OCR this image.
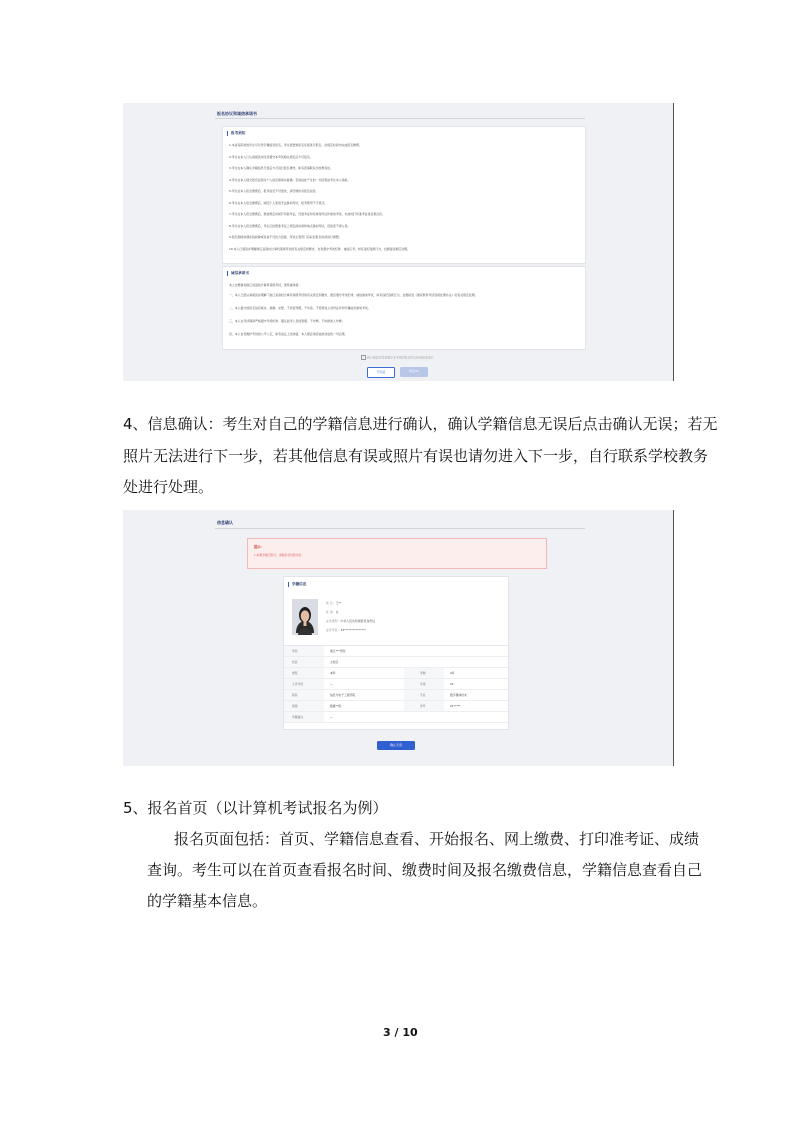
报名协议和诚信承诺书
报考须知
1.本省各院校的学生可以凭学籍信息报名，考生须登录报名系统进行报名，在规定时间内完成报名缴费。
2.考生在本人已认真阅读并同意遵守本考试相关规定后方可报名。
3.考生在本人确认学籍信息无误后方可进行报名操作，如有误请联系学校教务处。
4.考生在本人提交报名信息时个人信息须真实准确，否则由此产生的一切后果由考生本人承担。
5.考生在本人报名缴费后，报考信息不可更改，请仔细核对报名信息。
6.考生在本人报名缴费后，如因个人原因无法参加考试，报考费用不予退还。
7.考生在本人报名缴费后，须按规定时间打印准考证，凭准考证和有效身份证件参加考试，未按时打印准考证者后果自负。
8.考生在本人报名缴费后，考生应按照准考证上规定的时间和地点参加考试，迟到者不得入场。
9.报名期间如遇系统故障或其他不可抗力因素，考试主管部门有权对报名时间进行调整。
10.本人已阅读并理解浙江省高校计算机等级考试的有关规定和要求，自觉遵守考试纪律，诚信应考，如有违纪违规行为，自愿接受相应处理。
诚信承诺书
本人自愿参加浙江省高校计算机等级考试，现郑重承诺：
一、本人已经认真阅读并理解了浙江省高校计算机等级考试的有关规定和要求，愿意遵守考试纪律，诚信参加考试，如有违纪违规行为，自愿接受《国家教育考试违规处理办法》的有关规定处理。
二、本人提交的报名信息真实、准确、完整，不弄虚作假，不伪造、不使用他人身份证件和学籍信息参加考试。
三、本人在考试期间严格遵守考场纪律，服从监考人员的管理，不作弊，不协助他人作弊。
四、本人自觉维护考试的公平公正，如有违反上述承诺，本人愿意承担由此造成的一切后果。
我已阅读并同意遵守本考试的报名协议和诚信承诺书
不同意	同意(5)
4、信息确认：考生对自己的学籍信息进行确认，确认学籍信息无误后点击确认无误；若无
照片无法进行下一步，若其他信息有误或照片有误也请勿进入下一步，自行联系学校教务
处进行处理。
信息确认
提示:
1.如果学籍无照片，请联系学校教务处
学籍信息
姓 名：王**
性 别：女
证件类型：中华人民共和国居民身份证
证件号码：33***************
学校	浙江***学院
校区	主校区
类型	本科	学制	4年
入学年份	—	年级	21
院系	信息与电子工程学院	专业	数字媒体技术
班级	数媒**班	学号	21*****
学籍备注	—
确认无误
5、报名首页（以计算机考试报名为例）
报名页面包括：首页、学籍信息查看、开始报名、网上缴费、打印准考证、成绩
查询。考生可以在首页查看报名时间、缴费时间及报名缴费信息，学籍信息查看自己
的学籍基本信息。
3 / 10
